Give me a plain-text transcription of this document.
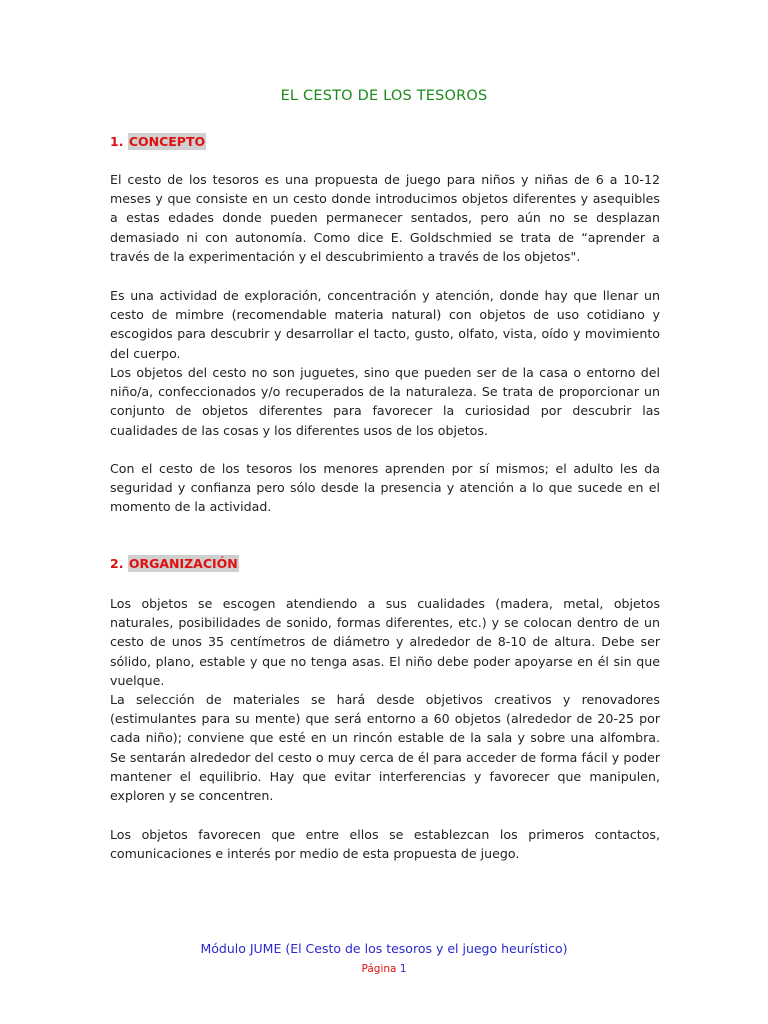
EL CESTO DE LOS TESOROS
1. CONCEPTO

El cesto de los tesoros es una propuesta de juego para niños y niñas de 6 a 10-12 meses y que consiste en un cesto donde introducimos objetos diferentes y asequibles a estas edades donde pueden permanecer sentados, pero aún no se desplazan demasiado ni con autonomía. Como dice E. Goldschmied se trata de “aprender a través de la experimentación y el descubrimiento a través de los objetos".

Es una actividad de exploración, concentración y atención, donde hay que llenar un cesto de mimbre (recomendable materia natural) con objetos de uso cotidiano y escogidos para descubrir y desarrollar el tacto, gusto, olfato, vista, oído y movimiento del cuerpo.

Los objetos del cesto no son juguetes, sino que pueden ser de la casa o entorno del niño/a, confeccionados y/o recuperados de la naturaleza. Se trata de proporcionar un conjunto de objetos diferentes para favorecer la curiosidad por descubrir las cualidades de las cosas y los diferentes usos de los objetos.

Con el cesto de los tesoros los menores aprenden por sí mismos; el adulto les da seguridad y confianza pero sólo desde la presencia y atención a lo que sucede en el momento de la actividad.

2. ORGANIZACIÓN

Los objetos se escogen atendiendo a sus cualidades (madera, metal, objetos naturales, posibilidades de sonido, formas diferentes, etc.) y se colocan dentro de un cesto de unos 35 centímetros de diámetro y alrededor de 8-10 de altura. Debe ser sólido, plano, estable y que no tenga asas. El niño debe poder apoyarse en él sin que vuelque.

La selección de materiales se hará desde objetivos creativos y renovadores (estimulantes para su mente) que será entorno a 60 objetos (alrededor de 20-25 por cada niño); conviene que esté en un rincón estable de la sala y sobre una alfombra. Se sentarán alrededor del cesto o muy cerca de él para acceder de forma fácil y poder mantener el equilibrio. Hay que evitar interferencias y favorecer que manipulen, exploren y se concentren.

Los objetos favorecen que entre ellos se establezcan los primeros contactos, comunicaciones e interés por medio de esta propuesta de juego.

Módulo JUME (El Cesto de los tesoros y el juego heurístico)
Página 1
